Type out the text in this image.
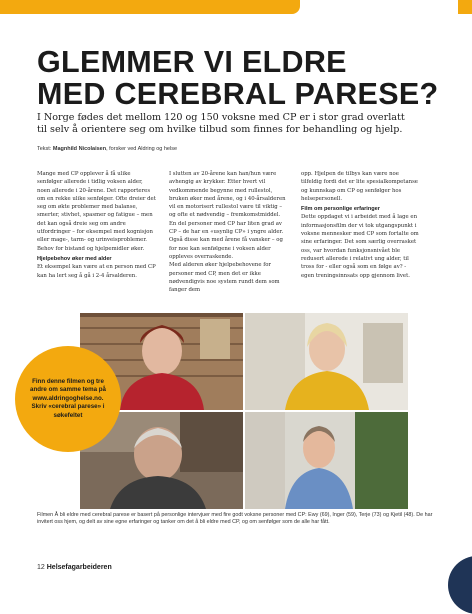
GLEMMER VI ELDRE
MED CEREBRAL PARESE?

I Norge fødes det mellom 120 og 150 voksne med CP er i stor grad overlatt til selv å orientere seg om hvilke tilbud som finnes for behandling og hjelp.

Tekst: Magnhild Nicolaisen, forsker ved Aldring og helse

Mange med CP opplever å få ulike senfølger allerede i tidlig voksen alder, noen allerede i 20-årene. Det rapporteres om en rekke ulike senfølger. Ofte dreier det seg om økte problemer med balanse, smerter, stivhet, spasmer og fatigue – men det kan også dreie seg om andre utfordringer – for eksempel med kognisjon eller mage-, tarm- og urinveisproblemer. Behov for bistand og hjelpemidler øker.

Hjelpebehov øker med alder

Et eksempel kan være at en person med CP kan ha lert seg å gå i 2-4 årsalderen.

I slutten av 20-årene kan han/hun være avhengig av krykker. Etter hvert vil vedkommende begynne med rullestol, bruken øker med årene, og i 40-årsalderen vil en motorisert rullestol være til viktig – og ofte et nødvendig – fremkomstmiddel. En del personer med CP har liten grad av CP – de har en «usynlig CP» i yngre alder. Også disse kan med årene få vansker – og for noe kan senfølgene i voksen alder oppleves overraskende.

Med alderen øker hjelpebehovene for personer med CP, men det er ikke nødvendigvis noe system rundt dem som fanger dem

opp. Hjelpen de tilbys kan være noe tilfeldig fordi det er lite spesialkompetanse og kunnskap om CP og senfølger hos helsepersonell.

Film om personlige erfaringer

Dette oppdaget vi i arbeidet med å lage en informasjonsfilm der vi tok utgangspunkt i voksne mennesker med CP som fortalte om sine erfaringer. Det som særlig overrasket oss, var hvordan funksjonsnivået ble redusert allerede i relativt ung alder, til tross for - eller også som en følge av? - egen treningsinnsats opp gjennom livet.

Finn denne filmen og tre andre om samme tema på www.aldringoghelse.no. Skriv «cerebral parese» i søkefeltet
Filmen Å bli eldre med cerebral parese er basert på personlige intervjuer med fire godt voksne personer med CP: Ewy (69), Inger (59), Terje (73) og Kjetil (48). De har invitert oss hjem, og delt av sine egne erfaringer og tanker om det å bli eldre med CP, og om senfølger som de alle har fått.
12 Helsefagarbeideren
